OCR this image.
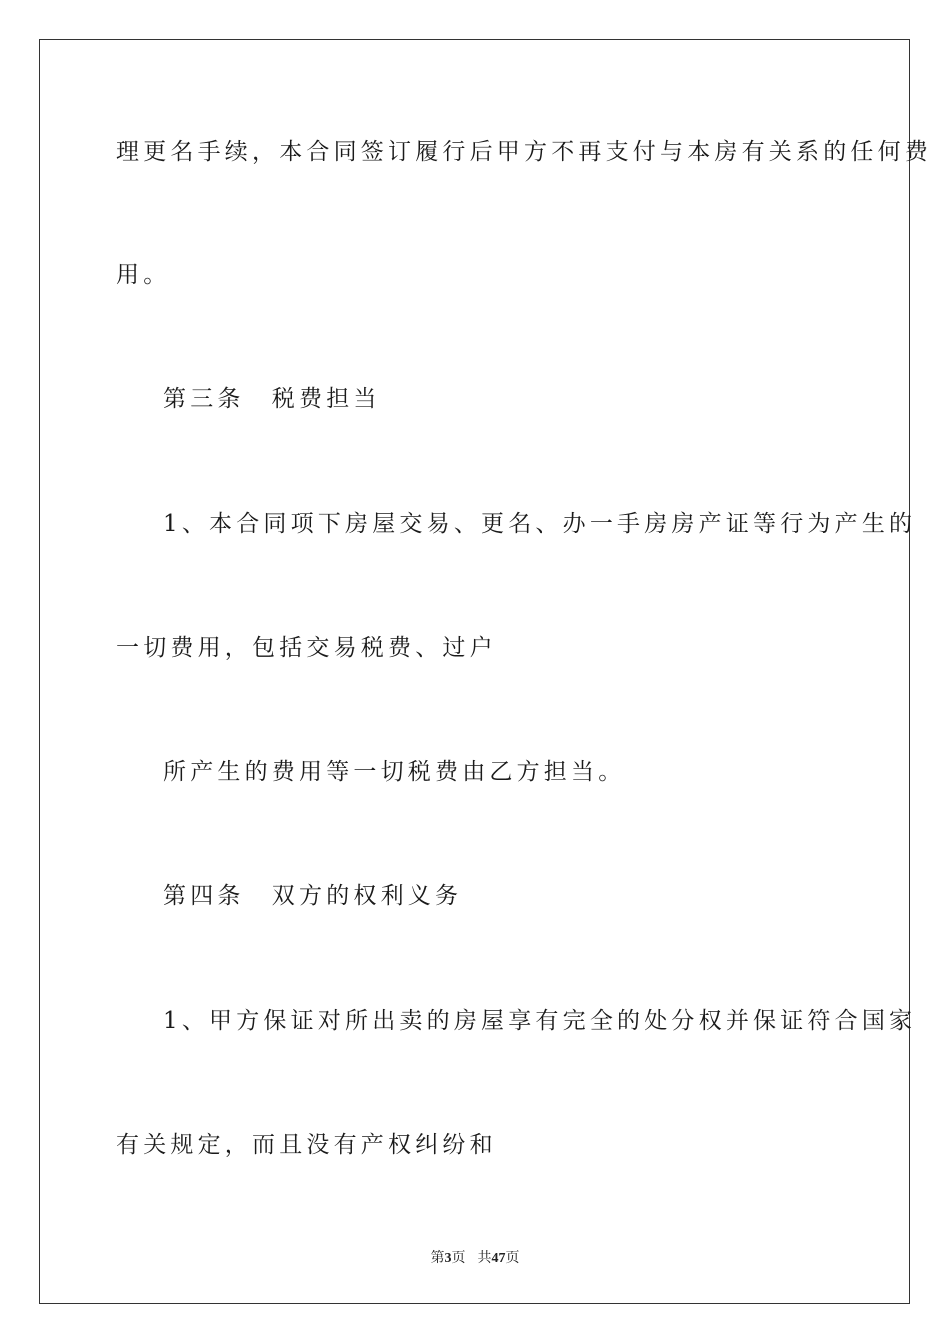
理更名手续，本合同签订履行后甲方不再支付与本房有关系的任何费
用。
第三条　税费担当
1、本合同项下房屋交易、更名、办一手房房产证等行为产生的
一切费用，包括交易税费、过户
所产生的费用等一切税费由乙方担当。
第四条　双方的权利义务
1、甲方保证对所出卖的房屋享有完全的处分权并保证符合国家
有关规定，而且没有产权纠纷和
第3页 共47页
